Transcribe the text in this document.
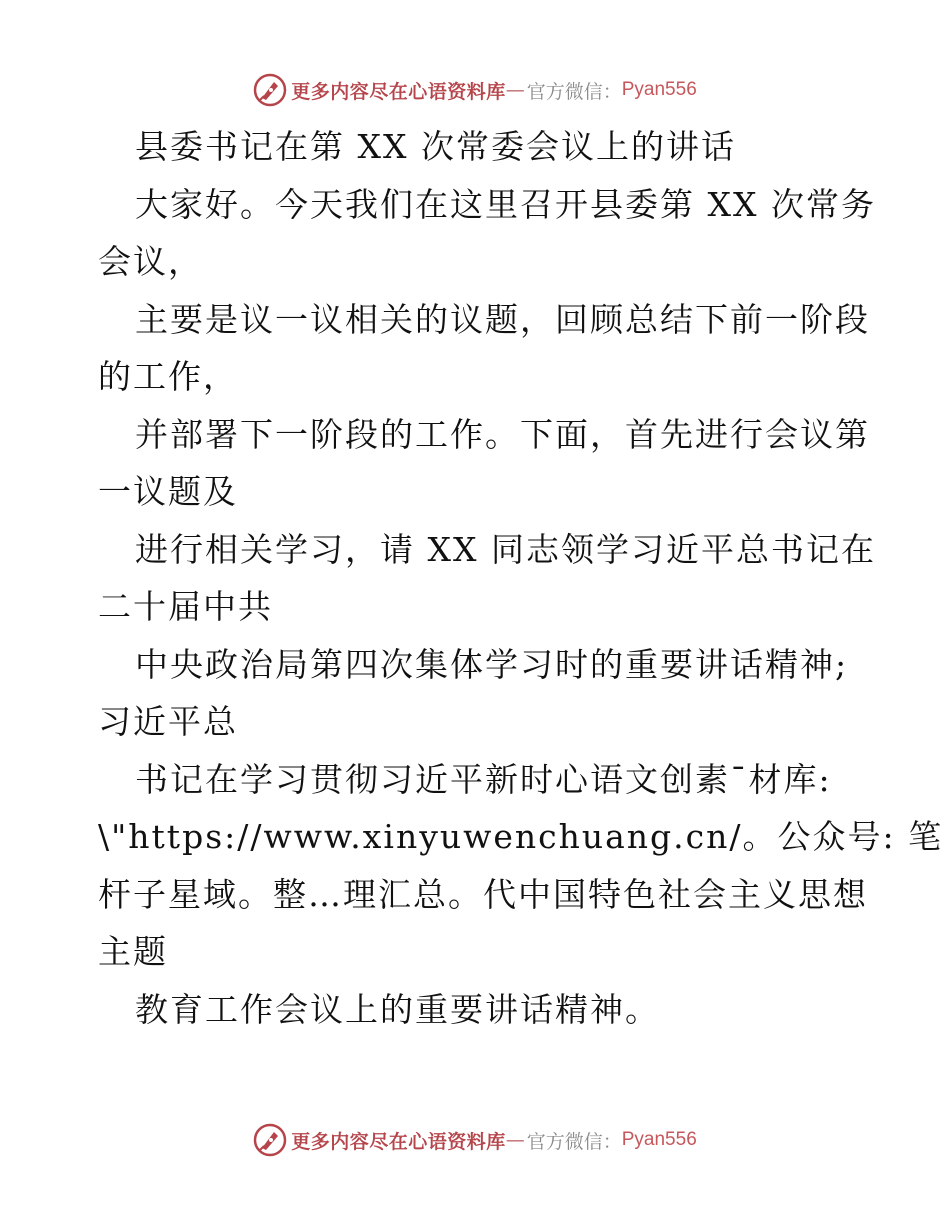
更多内容尽在心语资料库 — 官方微信： Pyan556
县委书记在第 XX 次常委会议上的讲话
大家好。今天我们在这里召开县委第 XX 次常务
会议，
主要是议一议相关的议题，回顾总结下前一阶段
的工作，
并部署下一阶段的工作。下面，首先进行会议第
一议题及
进行相关学习，请 XX 同志领学习近平总书记在
二十届中共
中央政治局第四次集体学习时的重要讲话精神;
习近平总
书记在学习贯彻习近平新时心语文创素¯材库:
\"https://www.xinyuwenchuang.cn/。公众号: 笔
杆子星域。整…理汇总。代中国特色社会主义思想
主题
教育工作会议上的重要讲话精神。
更多内容尽在心语资料库 — 官方微信： Pyan556
